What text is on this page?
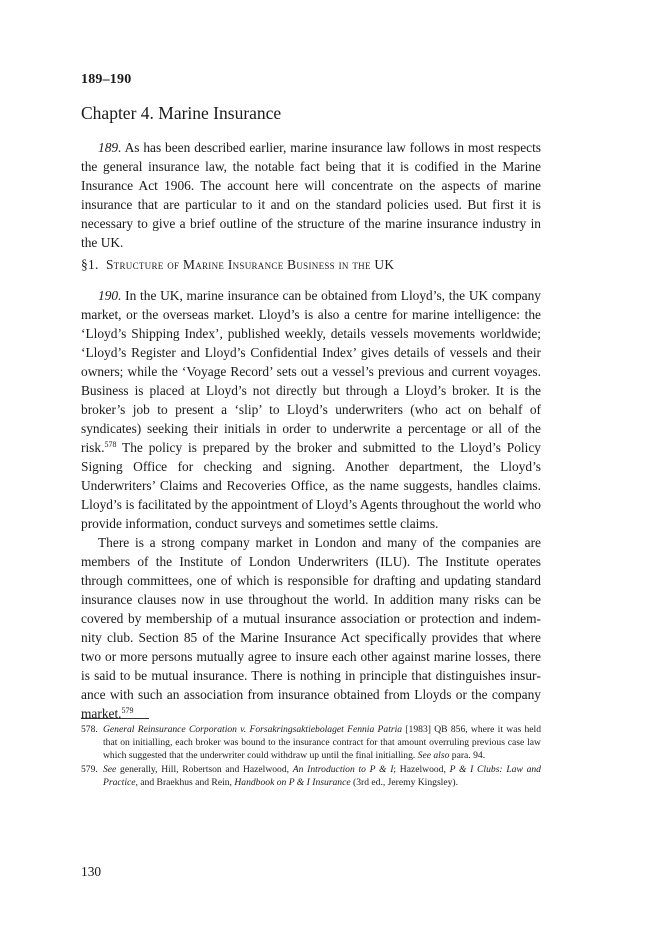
189–190
Chapter 4. Marine Insurance

189. As has been described earlier, marine insurance law follows in most respects the general insurance law, the notable fact being that it is codified in the Marine Insurance Act 1906. The account here will concentrate on the aspects of marine insurance that are particular to it and on the standard policies used. But first it is necessary to give a brief outline of the structure of the marine insurance industry in the UK.

§1. Structure of Marine Insurance Business in the UK

190. In the UK, marine insurance can be obtained from Lloyd’s, the UK company market, or the overseas market. Lloyd’s is also a centre for marine intelligence: the ‘Lloyd’s Shipping Index’, published weekly, details vessels movements worldwide; ‘Lloyd’s Register and Lloyd’s Confidential Index’ gives details of vessels and their owners; while the ‘Voyage Record’ sets out a vessel’s previous and current voyages. Business is placed at Lloyd’s not directly but through a Lloyd’s broker. It is the broker’s job to present a ‘slip’ to Lloyd’s underwriters (who act on behalf of syndicates) seeking their initials in order to underwrite a percentage or all of the risk.$^{578}$ The policy is prepared by the broker and submitted to the Lloyd’s Policy Signing Office for checking and signing. Another department, the Lloyd’s Underwriters’ Claims and Recoveries Office, as the name suggests, handles claims. Lloyd’s is facilitated by the appointment of Lloyd’s Agents throughout the world who provide information, conduct surveys and sometimes settle claims.

There is a strong company market in London and many of the companies are members of the Institute of London Underwriters (ILU). The Institute operates through committees, one of which is responsible for drafting and updating standard insurance clauses now in use throughout the world. In addition many risks can be covered by membership of a mutual insurance association or protection and indemnity club. Section 85 of the Marine Insurance Act specifically provides that where two or more persons mutually agree to insure each other against marine losses, there is said to be mutual insurance. There is nothing in principle that distinguishes insurance with such an association from insurance obtained from Lloyds or the company market.$^{579}$

578. General Reinsurance Corporation v. Forsakringsaktiebolaget Fennia Patria [1983] QB 856, where it was held that on initialling, each broker was bound to the insurance contract for that amount overruling previous case law which suggested that the underwriter could withdraw up until the final initialling. See also para. 94.
579. See generally, Hill, Robertson and Hazelwood, An Introduction to P & I; Hazelwood, P & I Clubs: Law and Practice, and Braekhus and Rein, Handbook on P & I Insurance (3rd ed., Jeremy Kingsley).
130
